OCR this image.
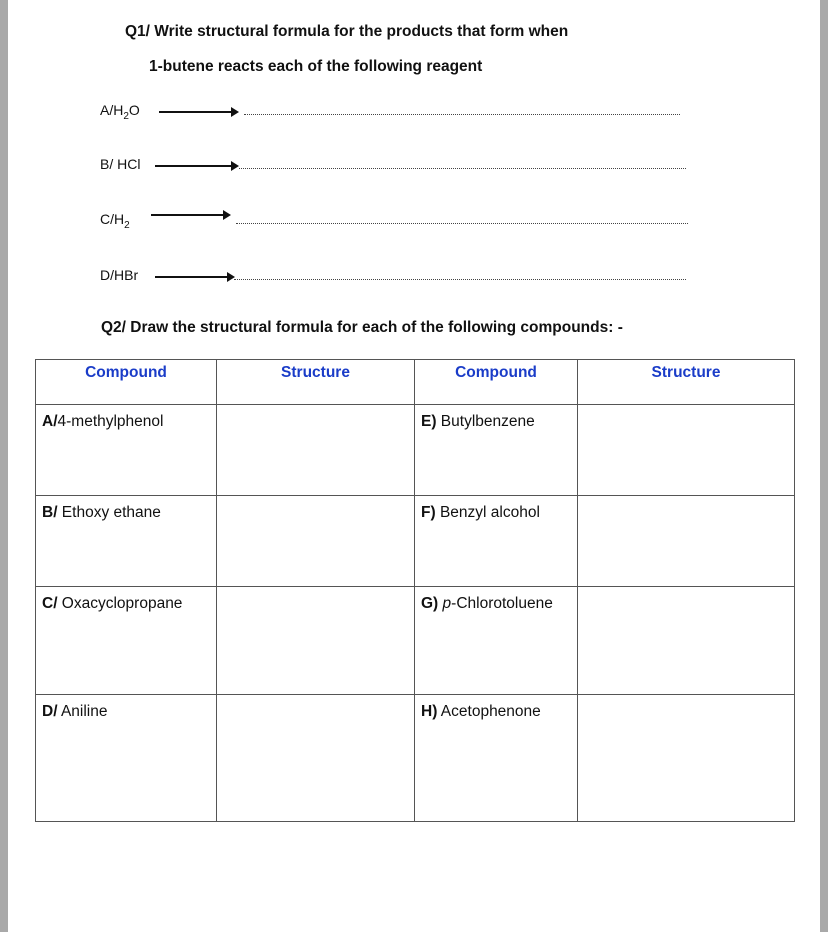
Q1/ Write structural formula for the products that form when
1-butene reacts each of the following reagent
$A/H_2O$
B/ HCl
$C/H_2$
D/HBr
Q2/ Draw the structural formula for each of the following compounds: -
Compound	Structure	Compound	Structure
A/4-methylphenol		E) Butylbenzene	
B/ Ethoxy ethane		F) Benzyl alcohol	
C/ Oxacyclopropane		G) p-Chlorotoluene	
D/ Aniline		H) Acetophenone	
